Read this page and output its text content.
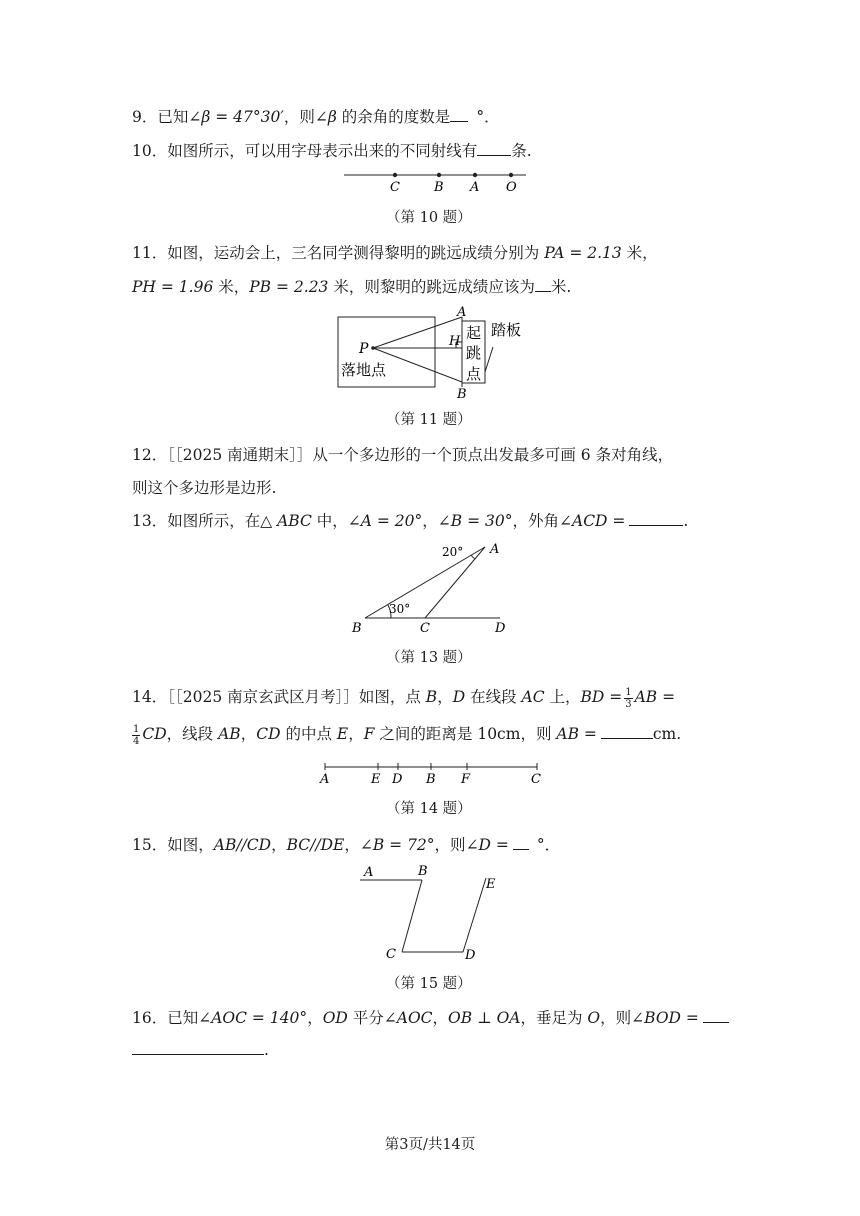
9．已知∠β = 47°30′，则∠β 的余角的度数是 °．
10．如图所示，可以用字母表示出来的不同射线有 条.
C	B A O
（第 10 题）
11．如图，运动会上，三名同学测得黎明的跳远成绩分别为 PA = 2.13 米，
PH = 1.96 米，PB = 2.23 米，则黎明的跳远成绩应该为 米.
P	H
A
B
落地点
起
跳
点
踏板
（第 11 题）
12．［［2025 南通期末］］从一个多边形的一个顶点出发最多可画 6 条对角线，
则这个多边形是边形.
13．如图所示，在△ ABC 中，∠A = 20°，∠B = 30°，外角∠ACD =	.
A
B	C	D
20°
30°
（第 13 题）
14．［［2025 南京玄武区月考］］如图，点 B，D 在线段 AC 上，BD = $\frac{1}{3}$ AB =
$\frac{1}{4}$ CD，线段 AB，CD 的中点 E，F 之间的距离是 10cm，则 AB =	cm.
A	E D B F	C
（第 14 题）
15．如图，AB//CD，BC//DE，∠B = 72°，则∠D = °．
A	B
C	D
E
（第 15 题）
16．已知∠AOC = 140°，OD 平分∠AOC，OB ⊥ OA，垂足为 O，则∠BOD =
.
第3页/共14页
